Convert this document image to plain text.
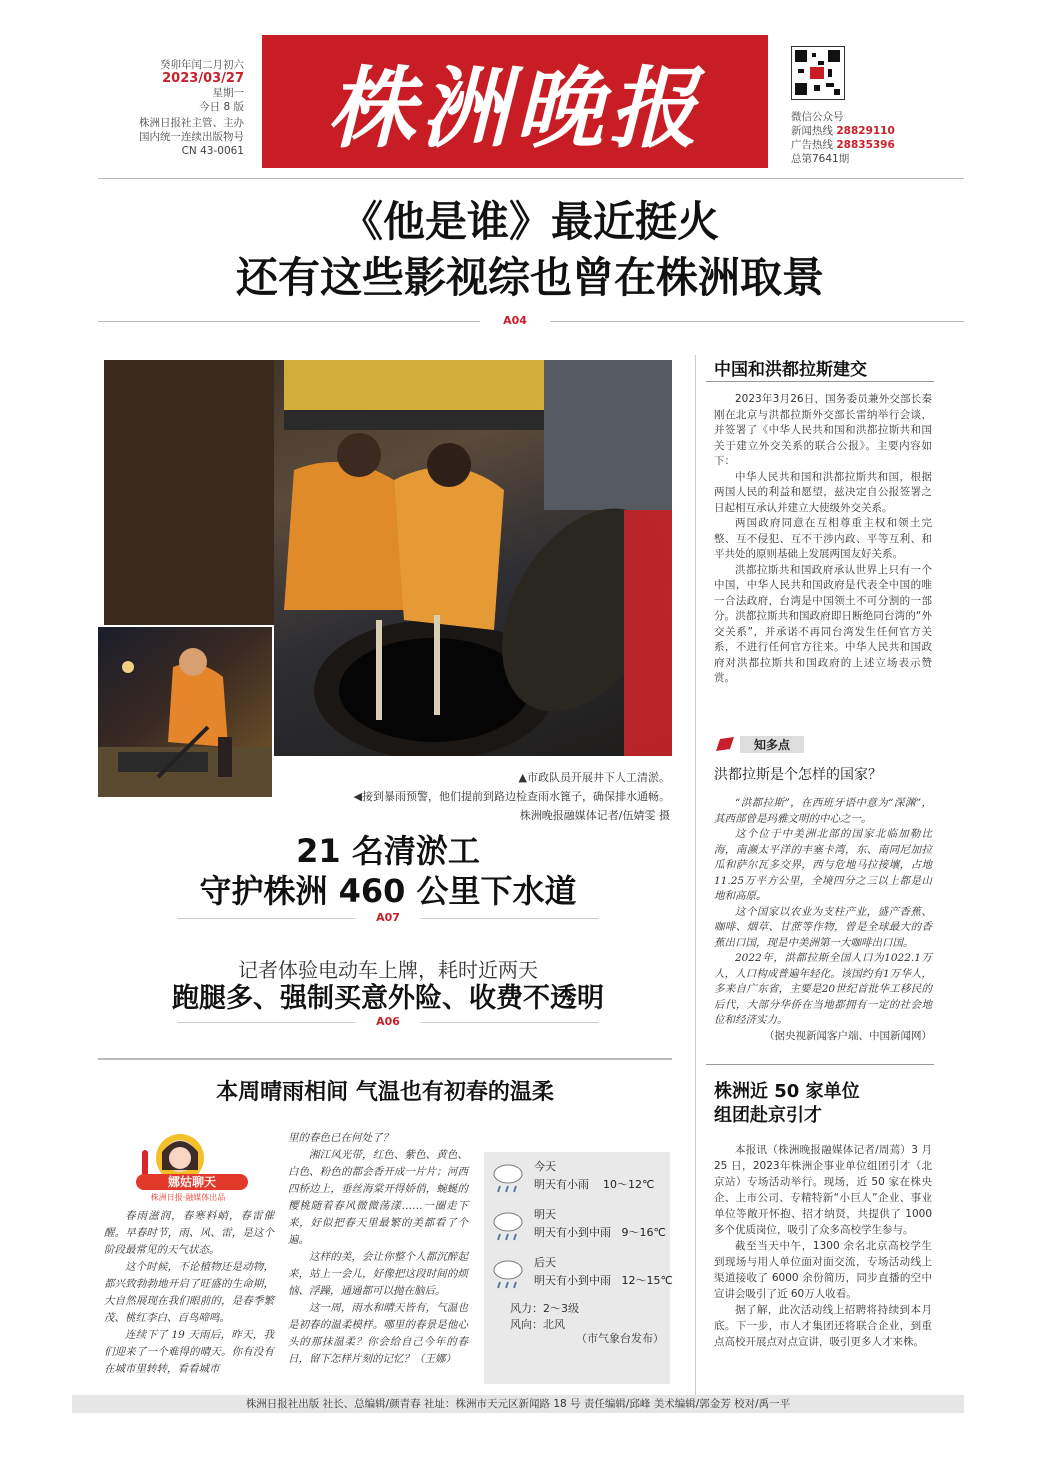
癸卯年闰二月初六
2023/03/27
星期一
今日 8 版
株洲日报社主管、主办
国内统一连续出版物号
CN 43-0061 株洲晚报	微信公众号
新闻热线 28829110
广告热线 28835396
总第7641期
《他是谁》最近挺火
还有这些影视综也曾在株洲取景
A04
▲市政队员开展井下人工清淤。
◀接到暴雨预警，他们提前到路边检查雨水篦子，确保排水通畅。
株洲晚报融媒体记者/伍婧雯 摄
21 名清淤工
守护株洲 460 公里下水道
A07
记者体验电动车上牌，耗时近两天
跑腿多、强制买意外险、收费不透明
A06
本周晴雨相间 气温也有初春的温柔
娜姑聊天
株洲日报·融媒体出品

春雨滋润，春寒料峭，春雷催醒。早春时节，雨、风、雷，是这个阶段最常见的天气状态。

这个时候，不论植物还是动物，都兴致勃勃地开启了旺盛的生命期，大自然展现在我们眼前的，是春季繁茂、桃红李白、百鸟啼鸣。

连续下了 19 天雨后，昨天，我们迎来了一个难得的晴天。你有没有在城市里转转，看看城市

里的春色已在何处了？

湘江风光带，红色、紫色、黄色、白色、粉色的都会香开成一片片；河西四桥边上，垂丝海棠开得娇俏，蜿蜒的樱桃随着春风微微荡漾……一圈走下来，好似把春天里最繁的美都看了个遍。

这样的美，会让你整个人都沉醉起来，站上一会儿，好像把这段时间的烦恼、浮躁，通通都可以抛在脑后。

这一周，雨水和晴天皆有，气温也是初春的温柔模样。哪里的春景是他心头的那抹温柔？你会给自己今年的春日，留下怎样片刻的记忆？（王娜）

今天
明天有小雨 10～12℃
明天
明天有小到中雨 9～16℃
后天
明天有小到中雨 12～15℃
风力：2～3级
风向：北风
（市气象台发布）
中国和洪都拉斯建交

2023年3月26日，国务委员兼外交部长秦刚在北京与洪都拉斯外交部长雷纳举行会谈，并签署了《中华人民共和国和洪都拉斯共和国关于建立外交关系的联合公报》。主要内容如下：

中华人民共和国和洪都拉斯共和国，根据两国人民的利益和愿望，兹决定自公报签署之日起相互承认并建立大使级外交关系。

两国政府同意在互相尊重主权和领土完整、互不侵犯、互不干涉内政、平等互利、和平共处的原则基础上发展两国友好关系。

洪都拉斯共和国政府承认世界上只有一个中国，中华人民共和国政府是代表全中国的唯一合法政府，台湾是中国领土不可分割的一部分。洪都拉斯共和国政府即日断绝同台湾的“外交关系”，并承诺不再同台湾发生任何官方关系，不进行任何官方往来。中华人民共和国政府对洪都拉斯共和国政府的上述立场表示赞赏。

知多点
洪都拉斯是个怎样的国家？

“洪都拉斯”，在西班牙语中意为“深渊”，其西部曾是玛雅文明的中心之一。

这个位于中美洲北部的国家北临加勒比海，南濒太平洋的丰塞卡湾，东、南同尼加拉瓜和萨尔瓦多交界，西与危地马拉接壤，占地11.25万平方公里，全境四分之三以上都是山地和高原。

这个国家以农业为支柱产业，盛产香蕉、咖啡、烟草、甘蔗等作物，曾是全球最大的香蕉出口国，现是中美洲第一大咖啡出口国。

2022年，洪都拉斯全国人口为1022.1万人，人口构成普遍年轻化。该国约有1万华人，多来自广东省，主要是20世纪首批华工移民的后代，大部分华侨在当地都拥有一定的社会地位和经济实力。

（据央视新闻客户端、中国新闻网）

株洲近 50 家单位
组团赴京引才

本报讯（株洲晚报融媒体记者/周蔫）3 月 25 日，2023年株洲企事业单位组团引才（北京站）专场活动举行。现场，近 50 家在株央企、上市公司、专精特新“小巨人”企业、事业单位等敞开怀抱、招才纳贤，共提供了 1000 多个优质岗位，吸引了众多高校学生参与。

截至当天中午，1300 余名北京高校学生到现场与用人单位面对面交流，专场活动线上渠道接收了 6000 余份简历，同步直播的空中宣讲会吸引了近 60万人收看。

据了解，此次活动线上招聘将持续到本月底。下一步，市人才集团还将联合企业，到重点高校开展点对点宣讲，吸引更多人才来株。

株洲日报社出版 社长、总编辑/颜青春 社址：株洲市天元区新闻路 18 号 责任编辑/邱峰 美术编辑/郭金芳 校对/禹一平
